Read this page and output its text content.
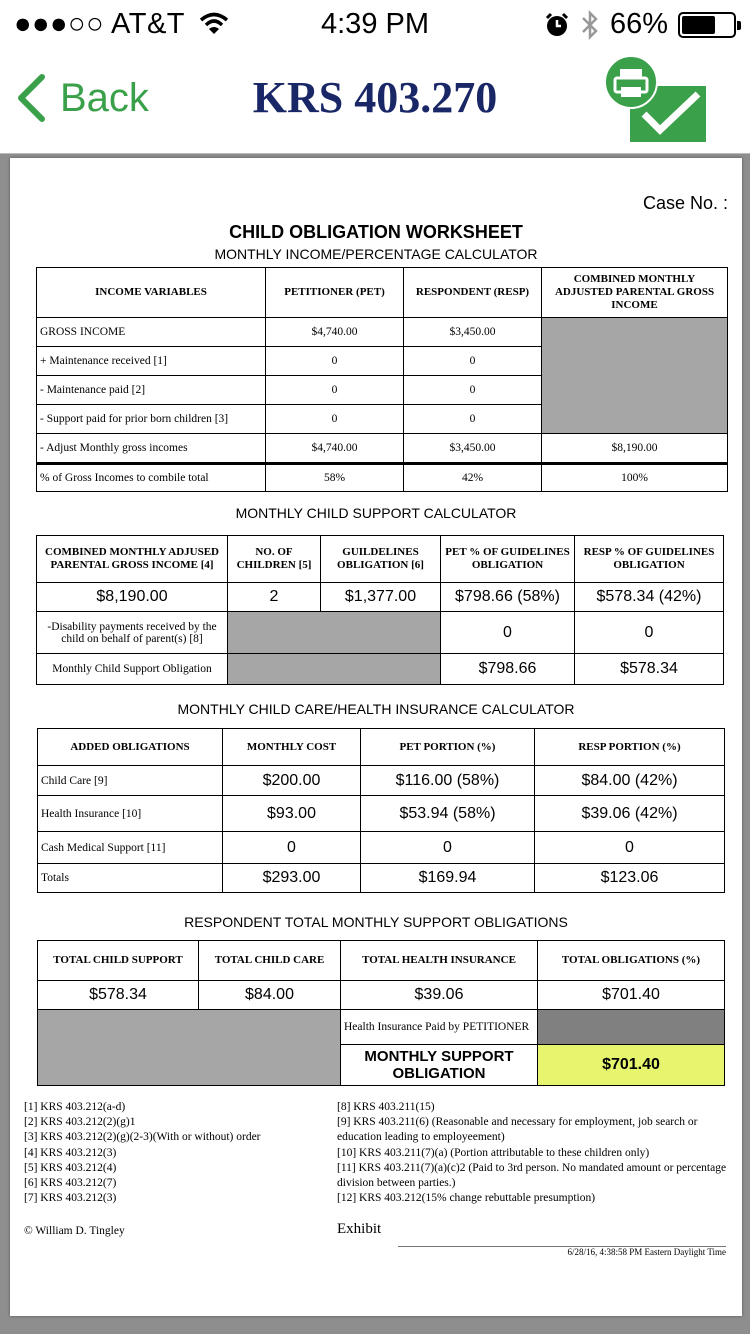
●●●○○ AT&T	4:39 PM	66%
Back	KRS 403.270
Case No. :
CHILD OBLIGATION WORKSHEET
MONTHLY INCOME/PERCENTAGE CALCULATOR
INCOME VARIABLES	PETITIONER (PET)	RESPONDENT (RESP)	COMBINED MONTHLY ADJUSTED PARENTAL GROSS INCOME
GROSS INCOME	$4,740.00	$3,450.00	
+ Maintenance received [1]	0	0	
- Maintenance paid [2]	0	0	
- Support paid for prior born children [3]	0	0	
- Adjust Monthly gross incomes	$4,740.00	$3,450.00	$8,190.00
% of Gross Incomes to combile total	58%	42%	100%
MONTHLY CHILD SUPPORT CALCULATOR
COMBINED MONTHLY ADJUSED PARENTAL GROSS INCOME [4]	NO. OF CHILDREN [5]	GUILDELINES OBLIGATION [6]	PET % OF GUIDELINES OBLIGATION	RESP % OF GUIDELINES OBLIGATION
$8,190.00	2	$1,377.00	$798.66 (58%)	$578.34 (42%)
-Disability payments received by the child on behalf of parent(s) [8]			0	0
Monthly Child Support Obligation			$798.66	$578.34
MONTHLY CHILD CARE/HEALTH INSURANCE CALCULATOR
ADDED OBLIGATIONS	MONTHLY COST	PET PORTION (%)	RESP PORTION (%)
Child Care [9]	$200.00	$116.00 (58%)	$84.00 (42%)
Health Insurance [10]	$93.00	$53.94 (58%)	$39.06 (42%)
Cash Medical Support [11]	0	0	0
Totals	$293.00	$169.94	$123.06
RESPONDENT TOTAL MONTHLY SUPPORT OBLIGATIONS
TOTAL CHILD SUPPORT	TOTAL CHILD CARE	TOTAL HEALTH INSURANCE	TOTAL OBLIGATIONS (%)
$578.34	$84.00	$39.06	$701.40
		Health Insurance Paid by PETITIONER	
		MONTHLY SUPPORT OBLIGATION	$701.40
[1] KRS 403.212(a-d)
[2] KRS 403.212(2)(g)1
[3] KRS 403.212(2)(g)(2-3)(With or without) order
[4] KRS 403.212(3)
[5] KRS 403.212(4)
[6] KRS 403.212(7)
[7] KRS 403.212(3)
[8] KRS 403.211(15)
[9] KRS 403.211(6) (Reasonable and necessary for employment, job search or education leading to employeement)
[10] KRS 403.211(7)(a) (Portion attributable to these children only)
[11] KRS 403.211(7)(a)(c)2 (Paid to 3rd person. No mandated amount or percentage division between parties.)
[12] KRS 403.212(15% change rebuttable presumption)
© William D. Tingley	Exhibit
6/28/16, 4:38:58 PM Eastern Daylight Time
